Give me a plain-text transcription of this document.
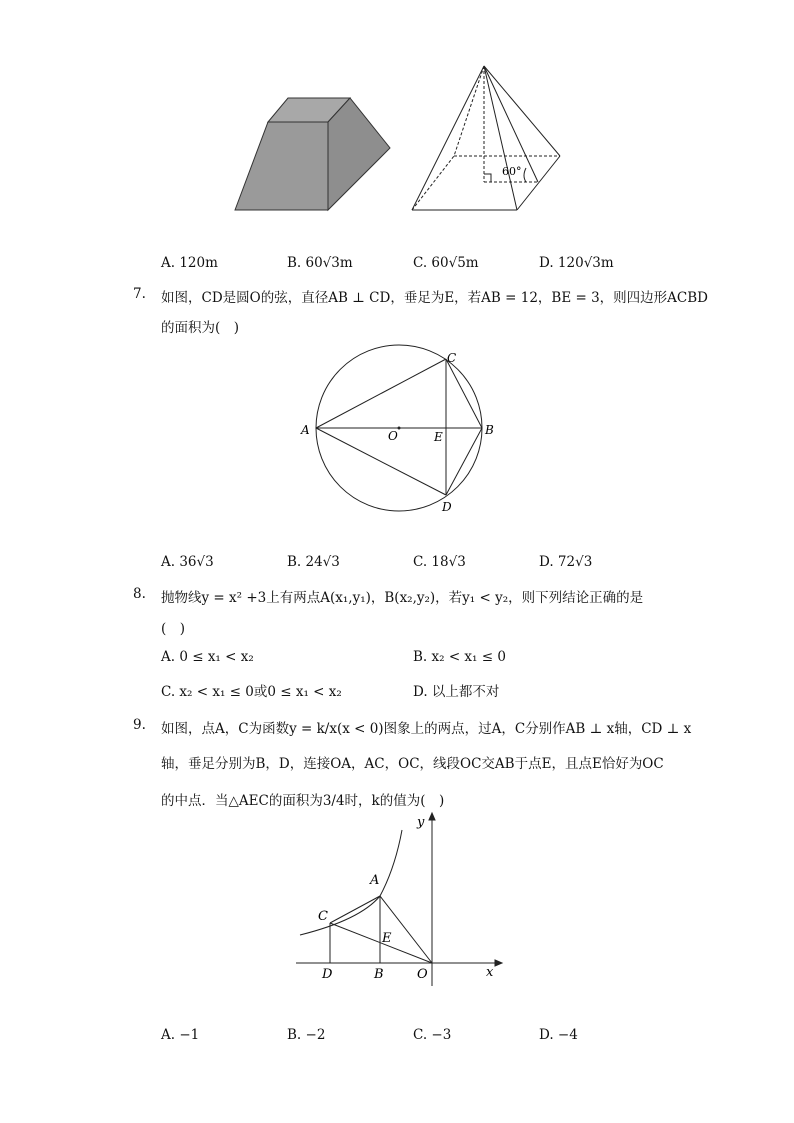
60°
A. 120m	B. 60√3m	C. 60√5m	D. 120√3m
7. 如图，CD是圆O的弦，直径AB ⊥ CD，垂足为E，若AB = 12，BE = 3，则四边形ACBD
的面积为(　)
A	B
C
D
O	E
A. 36√3	B. 24√3	C. 18√3	D. 72√3
8. 抛物线y = x² +3上有两点A(x₁,y₁)，B(x₂,y₂)，若y₁ < y₂，则下列结论正确的是
(　)
A. 0 ≤ x₁ < x₂	B. x₂ < x₁ ≤ 0
C. x₂ < x₁ ≤ 0或0 ≤ x₁ < x₂	D. 以上都不对
9. 如图，点A，C为函数y = k/x(x < 0)图象上的两点，过A，C分别作AB ⊥ x轴，CD ⊥ x
轴，垂足分别为B，D，连接OA，AC，OC，线段OC交AB于点E，且点E恰好为OC
的中点．当△AEC的面积为3/4时，k的值为(　)
y
x
A
C
E
D	B	O
A. −1	B. −2	C. −3	D. −4
